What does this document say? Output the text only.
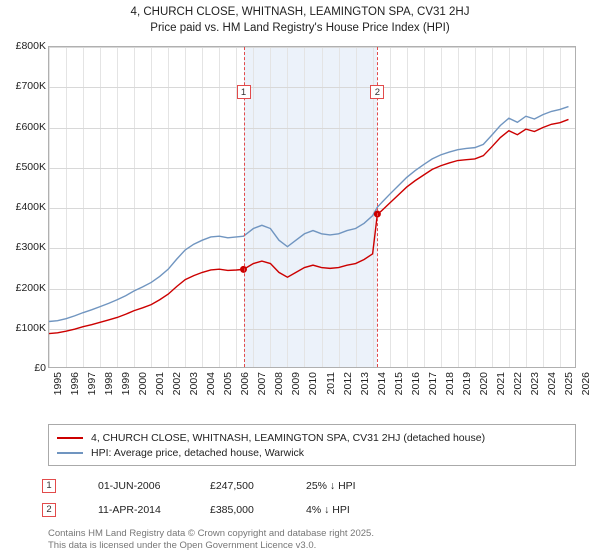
4, CHURCH CLOSE, WHITNASH, LEAMINGTON SPA, CV31 2HJ
Price paid vs. HM Land Registry's House Price Index (HPI)
1	2
£0
£100K
£200K
£300K
£400K
£500K
£600K
£700K
£800K
1995 1996 1997 1998 1999 2000 2001 2002 2003 2004 2005 2006 2007 2008 2009 2010 2011 2012 2013 2014 2015 2016 2017 2018 2019 2020 2021 2022 2023 2024 2025 2026
4, CHURCH CLOSE, WHITNASH, LEAMINGTON SPA, CV31 2HJ (detached house)
HPI: Average price, detached house, Warwick
1	01-JUN-2006	£247,500	25% ↓ HPI
2	11-APR-2014	£385,000	4% ↓ HPI
Contains HM Land Registry data © Crown copyright and database right 2025.
This data is licensed under the Open Government Licence v3.0.
